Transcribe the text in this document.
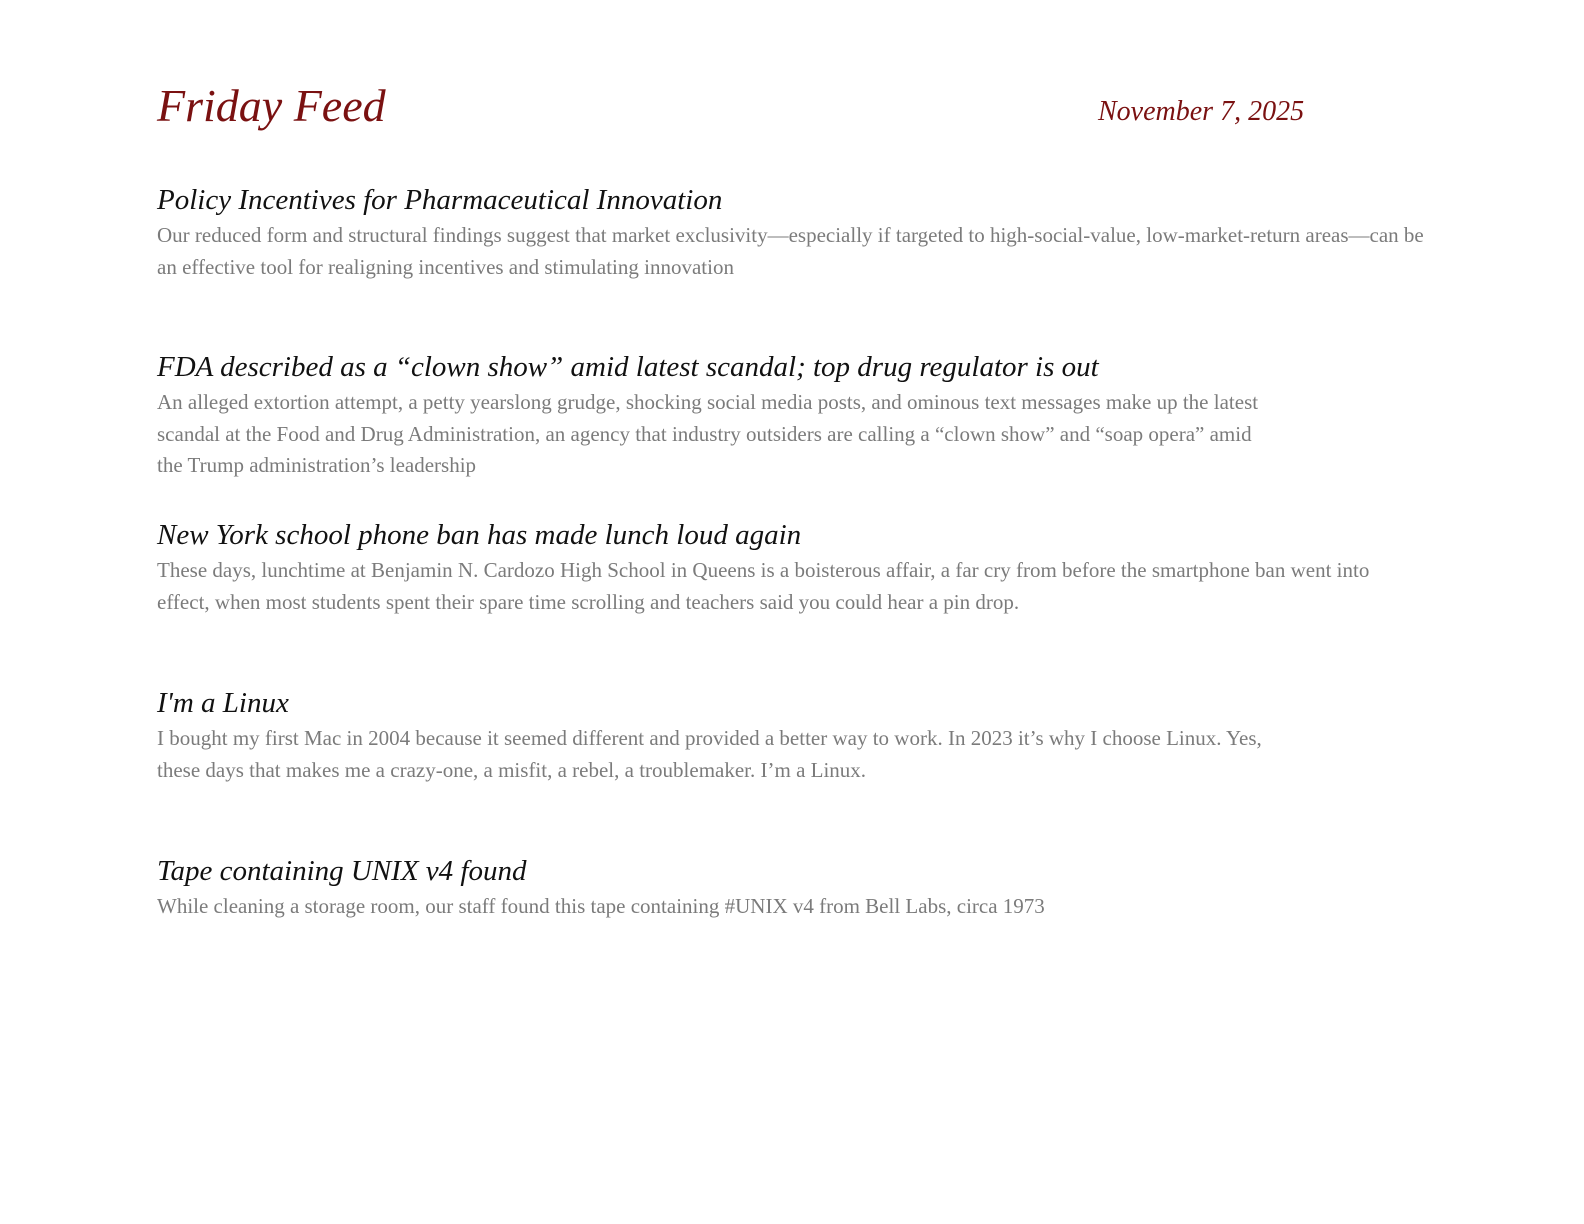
Friday Feed	November 7, 2025
Policy Incentives for Pharmaceutical Innovation

Our reduced form and structural findings suggest that market exclusivity—especially if targeted to high-social-value, low-market-return areas—can be an effective tool for realigning incentives and stimulating innovation

FDA described as a “clown show” amid latest scandal; top drug regulator is out

An alleged extortion attempt, a petty yearslong grudge, shocking social media posts, and ominous text messages make up the latest scandal at the Food and Drug Administration, an agency that industry outsiders are calling a “clown show” and “soap opera” amid the Trump administration’s leadership

New York school phone ban has made lunch loud again

These days, lunchtime at Benjamin N. Cardozo High School in Queens is a boisterous affair, a far cry from before the smartphone ban went into effect, when most students spent their spare time scrolling and teachers said you could hear a pin drop.

I'm a Linux

I bought my first Mac in 2004 because it seemed different and provided a better way to work. In 2023 it’s why I choose Linux. Yes, these days that makes me a crazy-one, a misfit, a rebel, a troublemaker. I’m a Linux.

Tape containing UNIX v4 found

While cleaning a storage room, our staff found this tape containing #UNIX v4 from Bell Labs, circa 1973
